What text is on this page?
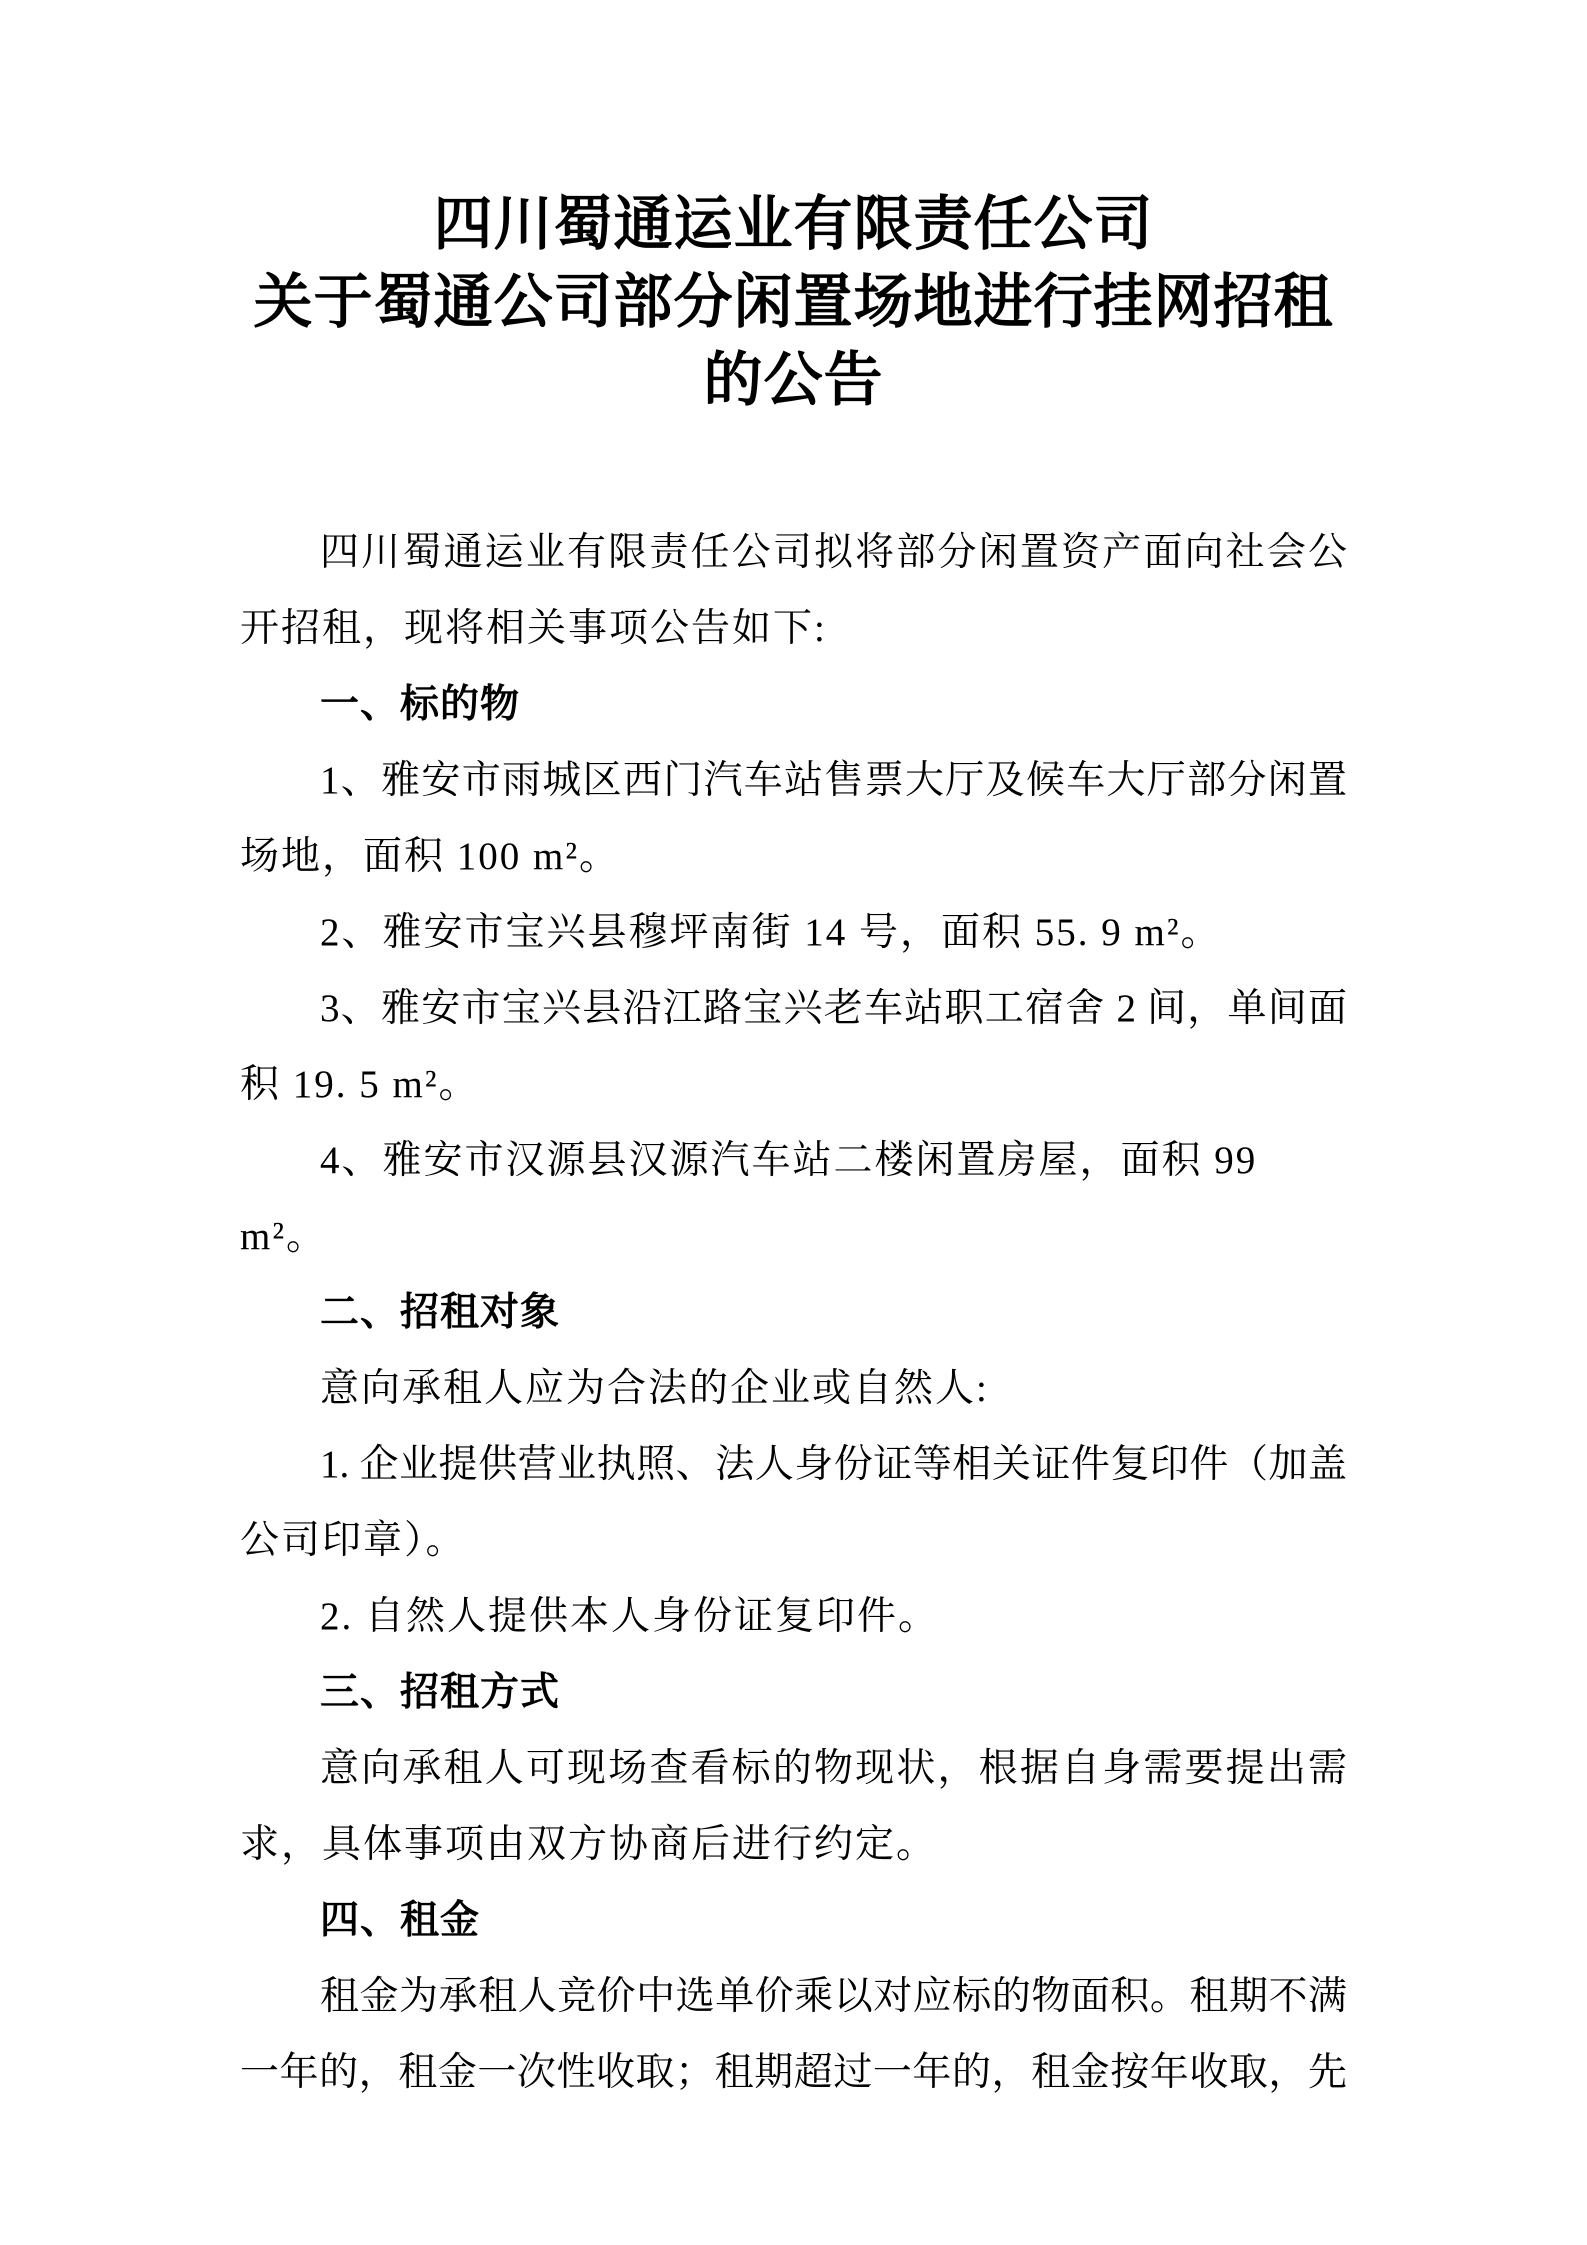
四川蜀通运业有限责任公司
关于蜀通公司部分闲置场地进行挂网招租
的公告
四川蜀通运业有限责任公司拟将部分闲置资产面向社会公
开招租，现将相关事项公告如下:
一、标的物
1、雅安市雨城区西门汽车站售票大厅及候车大厅部分闲置
场地，面积 100 m²。
2、雅安市宝兴县穆坪南街 14 号，面积 55. 9 m²。
3、雅安市宝兴县沿江路宝兴老车站职工宿舍 2 间，单间面
积 19. 5 m²。
4、雅安市汉源县汉源汽车站二楼闲置房屋，面积 99 m²。
二、招租对象
意向承租人应为合法的企业或自然人:
1. 企业提供营业执照、法人身份证等相关证件复印件（加盖
公司印章）。
2. 自然人提供本人身份证复印件。
三、招租方式
意向承租人可现场查看标的物现状，根据自身需要提出需
求，具体事项由双方协商后进行约定。
四、租金
租金为承租人竞价中选单价乘以对应标的物面积。租期不满
一年的，租金一次性收取；租期超过一年的，租金按年收取，先
